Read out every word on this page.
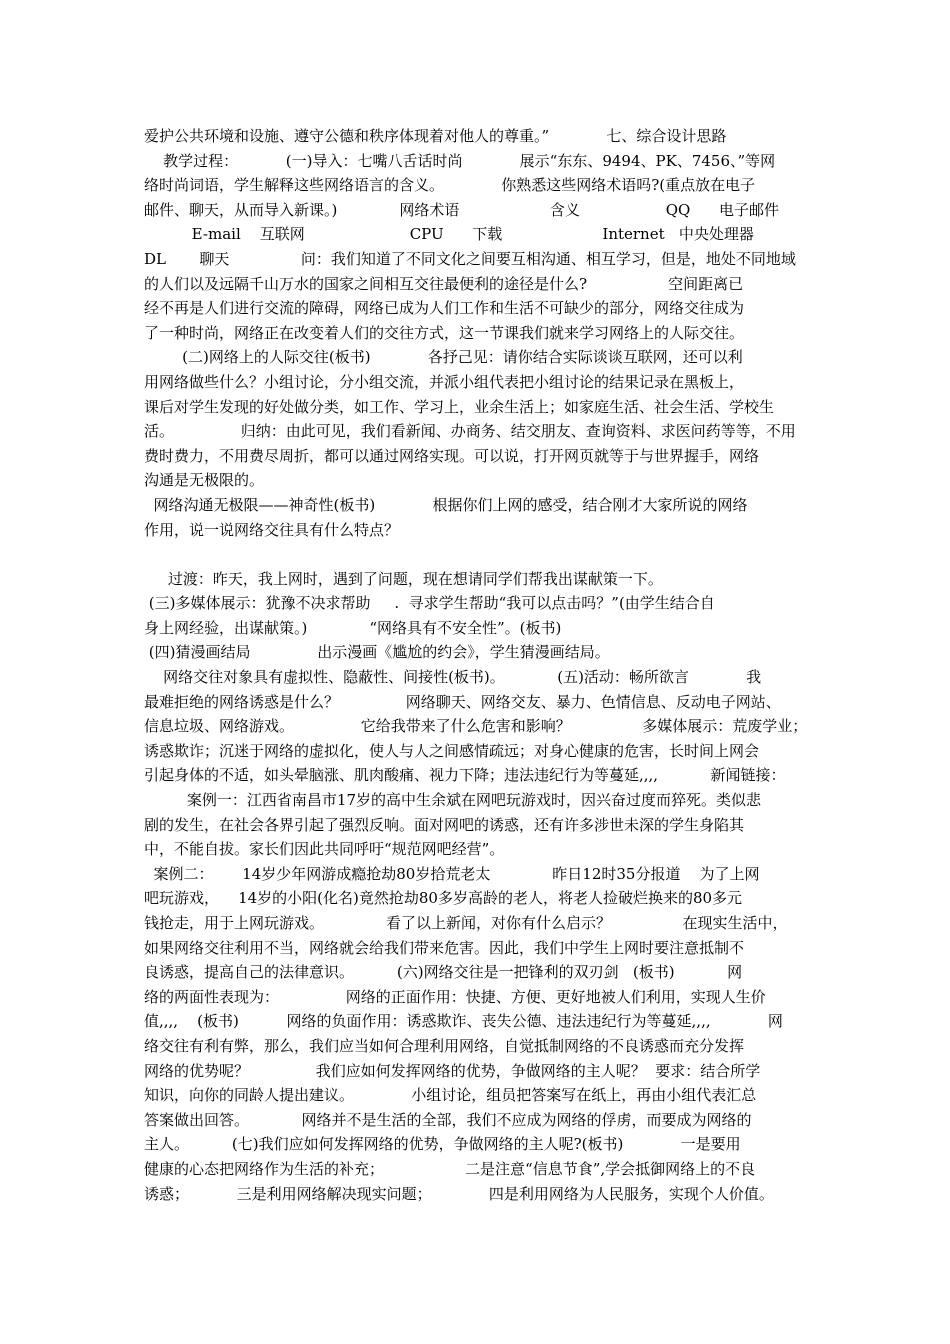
爱护公共环境和设施、遵守公德和秩序体现着对他人的尊重。”            七、综合设计思路
教学过程：          (一)导入：七嘴八舌话时尚            展示“东东、9494、PK、7456、”等网
络时尚词语，学生解释这些网络语言的含义。            你熟悉这些网络术语吗?(重点放在电子
邮件、聊天，从而导入新课。)             网络术语                   含义                  QQ      电子邮件
E-mail    互联网                      CPU      下载                     Internet   中央处理器
DL       聊天               问：我们知道了不同文化之间要互相沟通、相互学习，但是，地处不同地域
的人们以及远隔千山万水的国家之间相互交往最便利的途径是什么?                 空间距离已
经不再是人们进行交流的障碍，网络已成为人们工作和生活不可缺少的部分，网络交往成为
了一种时尚，网络正在改变着人们的交往方式，这一节课我们就来学习网络上的人际交往。
(二)网络上的人际交往(板书)            各抒己见：请你结合实际谈谈互联网，还可以利
用网络做些什么？小组讨论，分小组交流，并派小组代表把小组讨论的结果记录在黑板上，
课后对学生发现的好处做分类，如工作、学习上，业余生活上；如家庭生活、社会生活、学校生
活。              归纳：由此可见，我们看新闻、办商务、结交朋友、查询资料、求医问药等等，不用
费时费力，不用费尽周折，都可以通过网络实现。可以说，打开网页就等于与世界握手，网络
沟通是无极限的。
网络沟通无极限——神奇性(板书)            根据你们上网的感受，结合刚才大家所说的网络
作用，说一说网络交往具有什么特点？
过渡：昨天，我上网时，遇到了问题，现在想请同学们帮我出谋献策一下。
(三)多媒体展示：犹豫不决求帮助     .  寻求学生帮助“我可以点击吗？”(由学生结合自
身上网经验，出谋献策。)             “网络具有不安全性”。(板书)
(四)猜漫画结局              出示漫画《尴尬的约会》，学生猜漫画结局。
网络交往对象具有虚拟性、隐蔽性、间接性(板书)。           (五)活动：畅所欲言            我
最难拒绝的网络诱惑是什么？              网络聊天、网络交友、暴力、色情信息、反动电子网站、
信息垃圾、网络游戏。              它给我带来了什么危害和影响？               多媒体展示：荒废学业；
诱惑欺诈；沉迷于网络的虚拟化，使人与人之间感情疏远；对身心健康的危害，长时间上网会
引起身体的不适，如头晕脑涨、肌肉酸痛、视力下降；违法违纪行为等蔓延,,,,           新闻链接：
案例一：江西省南昌市17岁的高中生余斌在网吧玩游戏时，因兴奋过度而猝死。类似悲
剧的发生，在社会各界引起了强烈反响。面对网吧的诱惑，还有许多涉世未深的学生身陷其
中，不能自拔。家长们因此共同呼吁“规范网吧经营”。
案例二：      14岁少年网游成瘾抢劫80岁拾荒老太             昨日12时35分报道    为了上网
吧玩游戏，    14岁的小阳(化名)竟然抢劫80多岁高龄的老人，将老人捡破烂换来的80多元
钱抢走，用于上网玩游戏。             看了以上新闻，对你有什么启示？               在现实生活中，
如果网络交往利用不当，网络就会给我们带来危害。因此，我们中学生上网时要注意抵制不
良诱惑，提高自己的法律意识。         (六)网络交往是一把锋利的双刃剑   (板书)           网
络的两面性表现为：              网络的正面作用：快捷、方便、更好地被人们利用，实现人生价
值,,,,    (板书)          网络的负面作用：诱惑欺诈、丧失公德、违法违纪行为等蔓延,,,,            网
络交往有利有弊，那么，我们应当如何合理利用网络，自觉抵制网络的不良诱惑而充分发挥
网络的优势呢？              我们应如何发挥网络的优势，争做网络的主人呢？  要求：结合所学
知识，向你的同龄人提出建议。            小组讨论，组员把答案写在纸上，再由小组代表汇总
答案做出回答。           网络并不是生活的全部，我们不应成为网络的俘虏，而要成为网络的
主人。         (七)我们应如何发挥网络的优势，争做网络的主人呢?(板书)            一是要用
健康的心态把网络作为生活的补充；                 二是注意“信息节食”,学会抵御网络上的不良
诱惑；          三是利用网络解决现实问题；            四是利用网络为人民服务，实现个人价值。
